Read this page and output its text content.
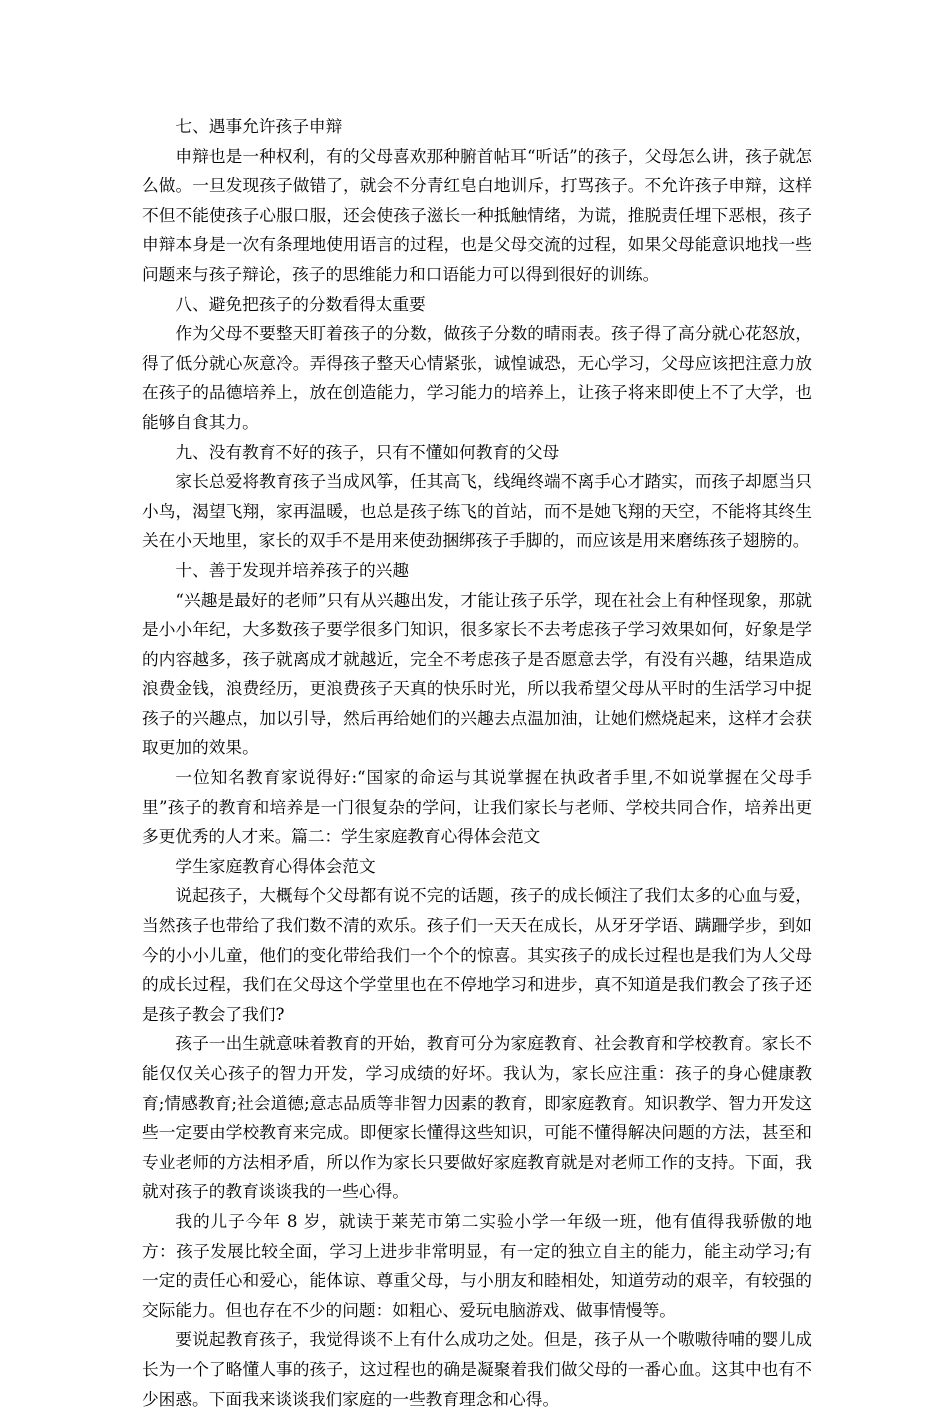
七、遇事允许孩子申辩

申辩也是一种权利，有的父母喜欢那种腑首帖耳“听话”的孩子，父母怎么讲，孩子就怎么做。一旦发现孩子做错了，就会不分青红皂白地训斥，打骂孩子。不允许孩子申辩，这样不但不能使孩子心服口服，还会使孩子滋长一种抵触情绪，为谎，推脱责任埋下恶根，孩子申辩本身是一次有条理地使用语言的过程，也是父母交流的过程，如果父母能意识地找一些问题来与孩子辩论，孩子的思维能力和口语能力可以得到很好的训练。

八、避免把孩子的分数看得太重要

作为父母不要整天盯着孩子的分数，做孩子分数的晴雨表。孩子得了高分就心花怒放，得了低分就心灰意冷。弄得孩子整天心情紧张，诚惶诚恐，无心学习，父母应该把注意力放在孩子的品德培养上，放在创造能力，学习能力的培养上，让孩子将来即使上不了大学，也能够自食其力。

九、没有教育不好的孩子，只有不懂如何教育的父母

家长总爱将教育孩子当成风筝，任其高飞，线绳终端不离手心才踏实，而孩子却愿当只小鸟，渴望飞翔，家再温暖，也总是孩子练飞的首站，而不是她飞翔的天空，不能将其终生关在小天地里，家长的双手不是用来使劲捆绑孩子手脚的，而应该是用来磨练孩子翅膀的。

十、善于发现并培养孩子的兴趣

“兴趣是最好的老师”只有从兴趣出发，才能让孩子乐学，现在社会上有种怪现象，那就是小小年纪，大多数孩子要学很多门知识，很多家长不去考虑孩子学习效果如何，好象是学的内容越多，孩子就离成才就越近，完全不考虑孩子是否愿意去学，有没有兴趣，结果造成浪费金钱，浪费经历，更浪费孩子天真的快乐时光，所以我希望父母从平时的生活学习中捉孩子的兴趣点，加以引导，然后再给她们的兴趣去点温加油，让她们燃烧起来，这样才会获取更加的效果。

一位知名教育家说得好:“国家的命运与其说掌握在执政者手里,不如说掌握在父母手里”孩子的教育和培养是一门很复杂的学问，让我们家长与老师、学校共同合作，培养出更多更优秀的人才来。篇二：学生家庭教育心得体会范文

学生家庭教育心得体会范文

说起孩子，大概每个父母都有说不完的话题，孩子的成长倾注了我们太多的心血与爱，当然孩子也带给了我们数不清的欢乐。孩子们一天天在成长，从牙牙学语、蹒跚学步，到如今的小小儿童，他们的变化带给我们一个个的惊喜。其实孩子的成长过程也是我们为人父母的成长过程，我们在父母这个学堂里也在不停地学习和进步，真不知道是我们教会了孩子还是孩子教会了我们?

孩子一出生就意味着教育的开始，教育可分为家庭教育、社会教育和学校教育。家长不能仅仅关心孩子的智力开发，学习成绩的好坏。我认为，家长应注重：孩子的身心健康教育;情感教育;社会道德;意志品质等非智力因素的教育，即家庭教育。知识教学、智力开发这些一定要由学校教育来完成。即便家长懂得这些知识，可能不懂得解决问题的方法，甚至和专业老师的方法相矛盾，所以作为家长只要做好家庭教育就是对老师工作的支持。下面，我就对孩子的教育谈谈我的一些心得。

我的儿子今年 8 岁，就读于莱芜市第二实验小学一年级一班，他有值得我骄傲的地方：孩子发展比较全面，学习上进步非常明显，有一定的独立自主的能力，能主动学习;有一定的责任心和爱心，能体谅、尊重父母，与小朋友和睦相处，知道劳动的艰辛，有较强的交际能力。但也存在不少的问题：如粗心、爱玩电脑游戏、做事情慢等。

要说起教育孩子，我觉得谈不上有什么成功之处。但是，孩子从一个嗷嗷待哺的婴儿成长为一个了略懂人事的孩子，这过程也的确是凝聚着我们做父母的一番心血。这其中也有不少困惑。下面我来谈谈我们家庭的一些教育理念和心得。
